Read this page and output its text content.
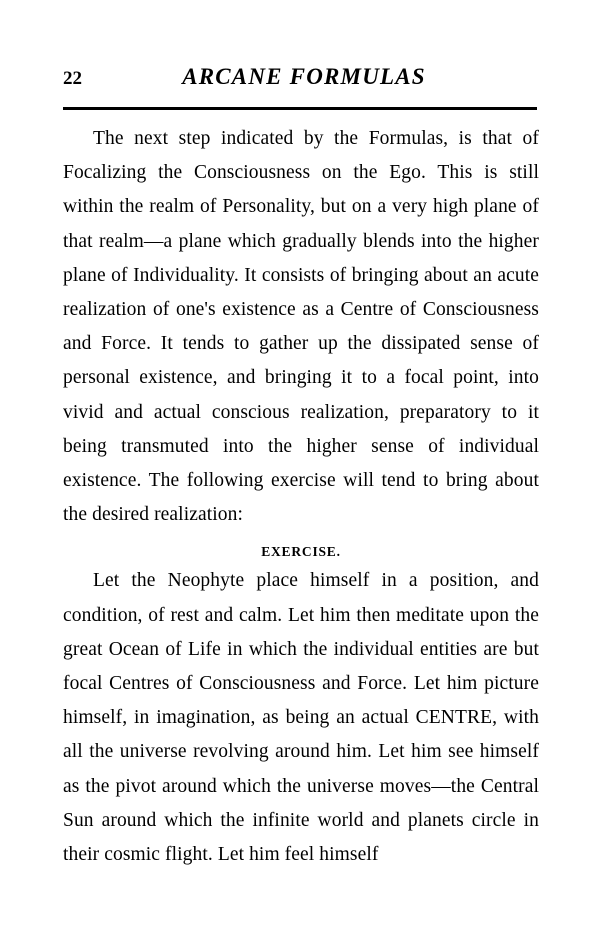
22	ARCANE FORMULAS

The next step indicated by the Formulas, is that of Focalizing the Consciousness on the Ego. This is still within the realm of Personality, but on a very high plane of that realm—a plane which gradually blends into the higher plane of Individuality. It consists of bringing about an acute realization of one's existence as a Centre of Consciousness and Force. It tends to gather up the dissipated sense of personal existence, and bringing it to a focal point, into vivid and actual conscious realization, preparatory to it being transmuted into the higher sense of individual existence. The following exercise will tend to bring about the desired realization:

EXERCISE.

Let the Neophyte place himself in a position, and condition, of rest and calm. Let him then meditate upon the great Ocean of Life in which the individual entities are but focal Centres of Consciousness and Force. Let him picture himself, in imagination, as being an actual CENTRE, with all the universe revolving around him. Let him see himself as the pivot around which the universe moves—the Central Sun around which the infinite world and planets circle in their cosmic flight. Let him feel himself
